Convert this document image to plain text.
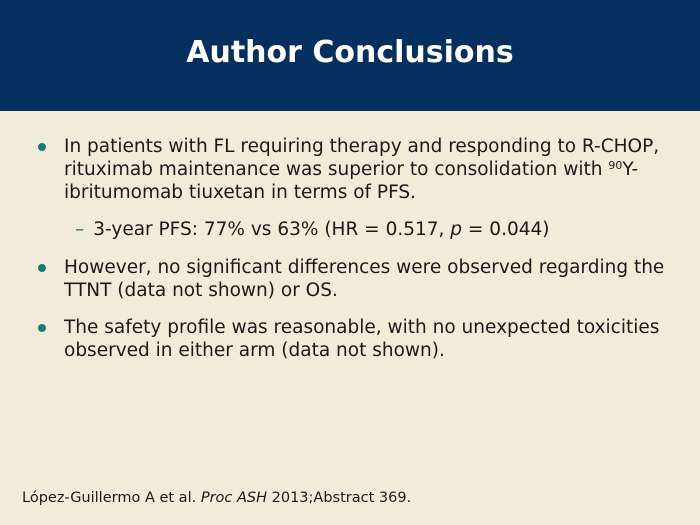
Author Conclusions
In patients with FL requiring therapy and responding to R-CHOP, rituximab maintenance was superior to consolidation with $^{90}$Y-ibritumomab tiuxetan in terms of PFS.
– 3-year PFS: 77% vs 63% (HR = 0.517, p = 0.044)
However, no significant differences were observed regarding the TTNT (data not shown) or OS.
The safety profile was reasonable, with no unexpected toxicities observed in either arm (data not shown).
López-Guillermo A et al. Proc ASH 2013;Abstract 369.
